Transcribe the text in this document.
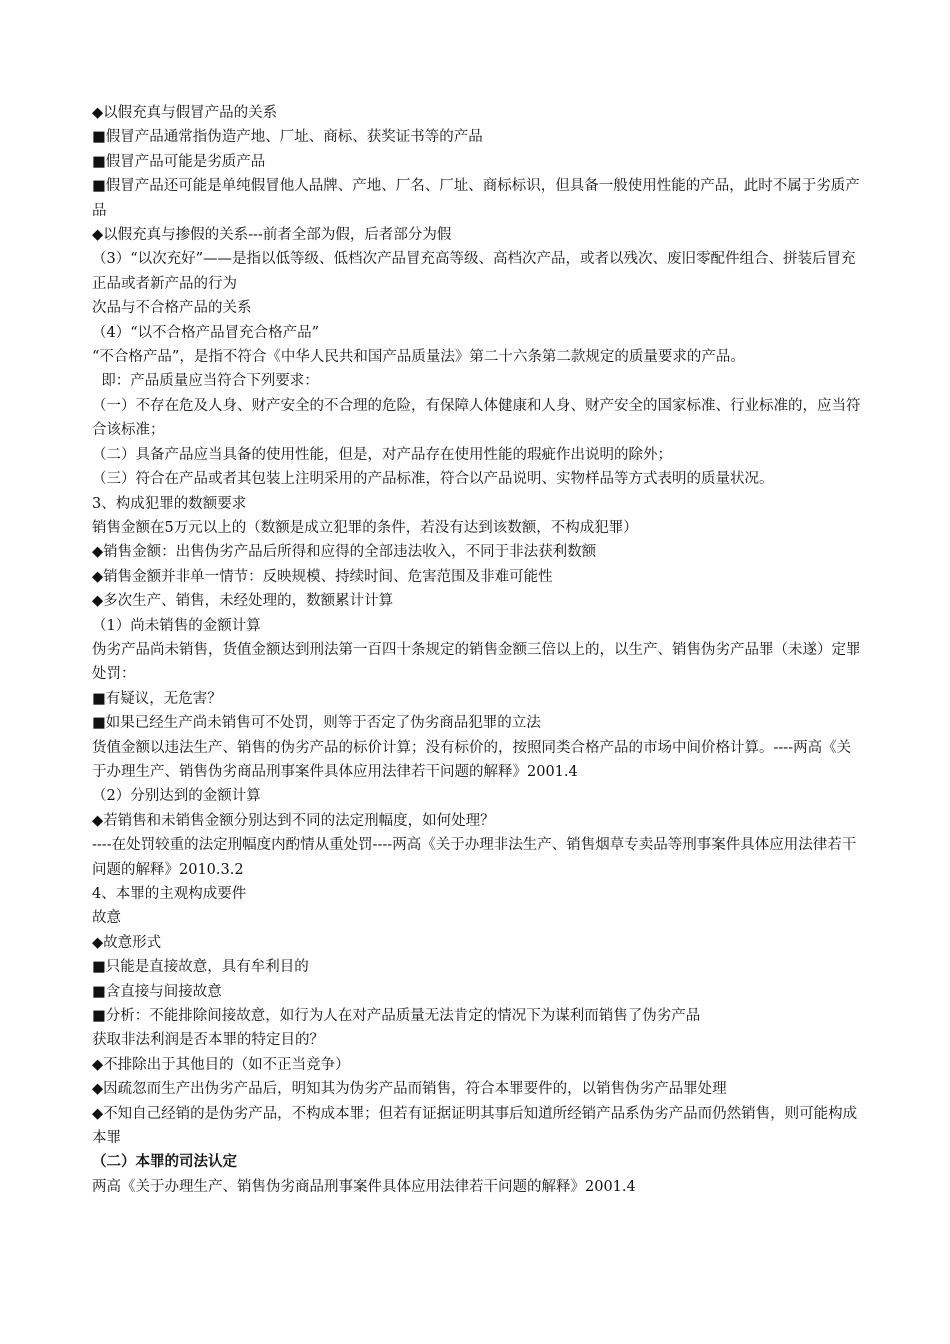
◆以假充真与假冒产品的关系
■假冒产品通常指伪造产地、厂址、商标、获奖证书等的产品
■假冒产品可能是劣质产品
■假冒产品还可能是单纯假冒他人品牌、产地、厂名、厂址、商标标识，但具备一般使用性能的产品，此时不属于劣质产品
◆以假充真与掺假的关系---前者全部为假，后者部分为假
（3）“以次充好”——是指以低等级、低档次产品冒充高等级、高档次产品，或者以残次、废旧零配件组合、拼装后冒充正品或者新产品的行为
次品与不合格产品的关系
（4）“以不合格产品冒充合格产品”
“不合格产品”，是指不符合《中华人民共和国产品质量法》第二十六条第二款规定的质量要求的产品。
即：产品质量应当符合下列要求：
（一）不存在危及人身、财产安全的不合理的危险，有保障人体健康和人身、财产安全的国家标准、行业标准的，应当符合该标准；
（二）具备产品应当具备的使用性能，但是，对产品存在使用性能的瑕疵作出说明的除外；
（三）符合在产品或者其包装上注明采用的产品标准，符合以产品说明、实物样品等方式表明的质量状况。
3、构成犯罪的数额要求
销售金额在5万元以上的（数额是成立犯罪的条件，若没有达到该数额，不构成犯罪）
◆销售金额：出售伪劣产品后所得和应得的全部违法收入，不同于非法获利数额
◆销售金额并非单一情节：反映规模、持续时间、危害范围及非难可能性
◆多次生产、销售，未经处理的，数额累计计算
（1）尚未销售的金额计算
伪劣产品尚未销售，货值金额达到刑法第一百四十条规定的销售金额三倍以上的，以生产、销售伪劣产品罪（未遂）定罪处罚：
■有疑议，无危害？
■如果已经生产尚未销售可不处罚，则等于否定了伪劣商品犯罪的立法
货值金额以违法生产、销售的伪劣产品的标价计算；没有标价的，按照同类合格产品的市场中间价格计算。----两高《关于办理生产、销售伪劣商品刑事案件具体应用法律若干问题的解释》2001.4
（2）分别达到的金额计算
◆若销售和未销售金额分别达到不同的法定刑幅度，如何处理？
----在处罚较重的法定刑幅度内酌情从重处罚----两高《关于办理非法生产、销售烟草专卖品等刑事案件具体应用法律若干问题的解释》2010.3.2
4、本罪的主观构成要件
故意
◆故意形式
■只能是直接故意，具有牟利目的
■含直接与间接故意
■分析：不能排除间接故意，如行为人在对产品质量无法肯定的情况下为谋利而销售了伪劣产品
获取非法利润是否本罪的特定目的？
◆不排除出于其他目的（如不正当竞争）
◆因疏忽而生产出伪劣产品后，明知其为伪劣产品而销售，符合本罪要件的，以销售伪劣产品罪处理
◆不知自己经销的是伪劣产品，不构成本罪；但若有证据证明其事后知道所经销产品系伪劣产品而仍然销售，则可能构成本罪
（二）本罪的司法认定
两高《关于办理生产、销售伪劣商品刑事案件具体应用法律若干问题的解释》2001.4
